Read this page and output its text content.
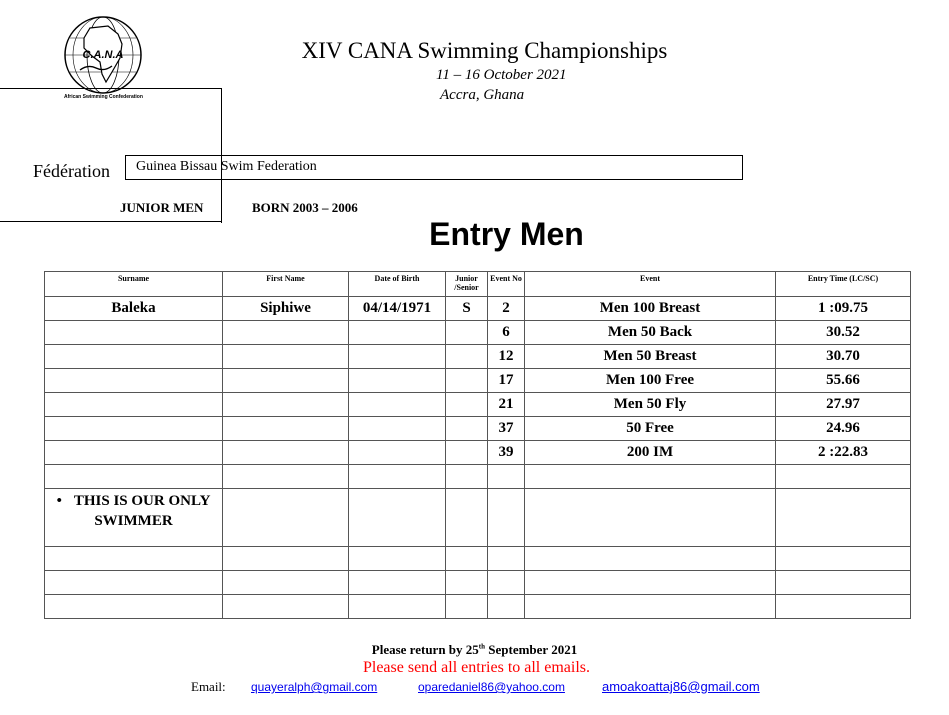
C.A.N.A
African Swimming Confederation
XIV CANA Swimming Championships
11 – 16 October 2021
Accra, Ghana
Fédération Guinea Bissau Swim Federation
JUNIOR MEN	BORN 2003 – 2006
Entry Men
Surname	First Name	Date of Birth	Junior /Senior	Event No	Event	Entry Time (LC/SC)
Baleka	Siphiwe	04/14/1971	S	2	Men 100 Breast	1 :09.75
				6	Men 50 Back	30.52
				12	Men 50 Breast	30.70
				17	Men 100 Free	55.66
				21	Men 50 Fly	27.97
				37	50 Free	24.96
				39	200 IM	2 :22.83

• THIS IS OUR ONLY SWIMMER						

Please return by 25th September 2021
Please send all entries to all emails.
Email: quayeralph@gmail.com	oparedaniel86@yahoo.com	amoakoattaj86@gmail.com
